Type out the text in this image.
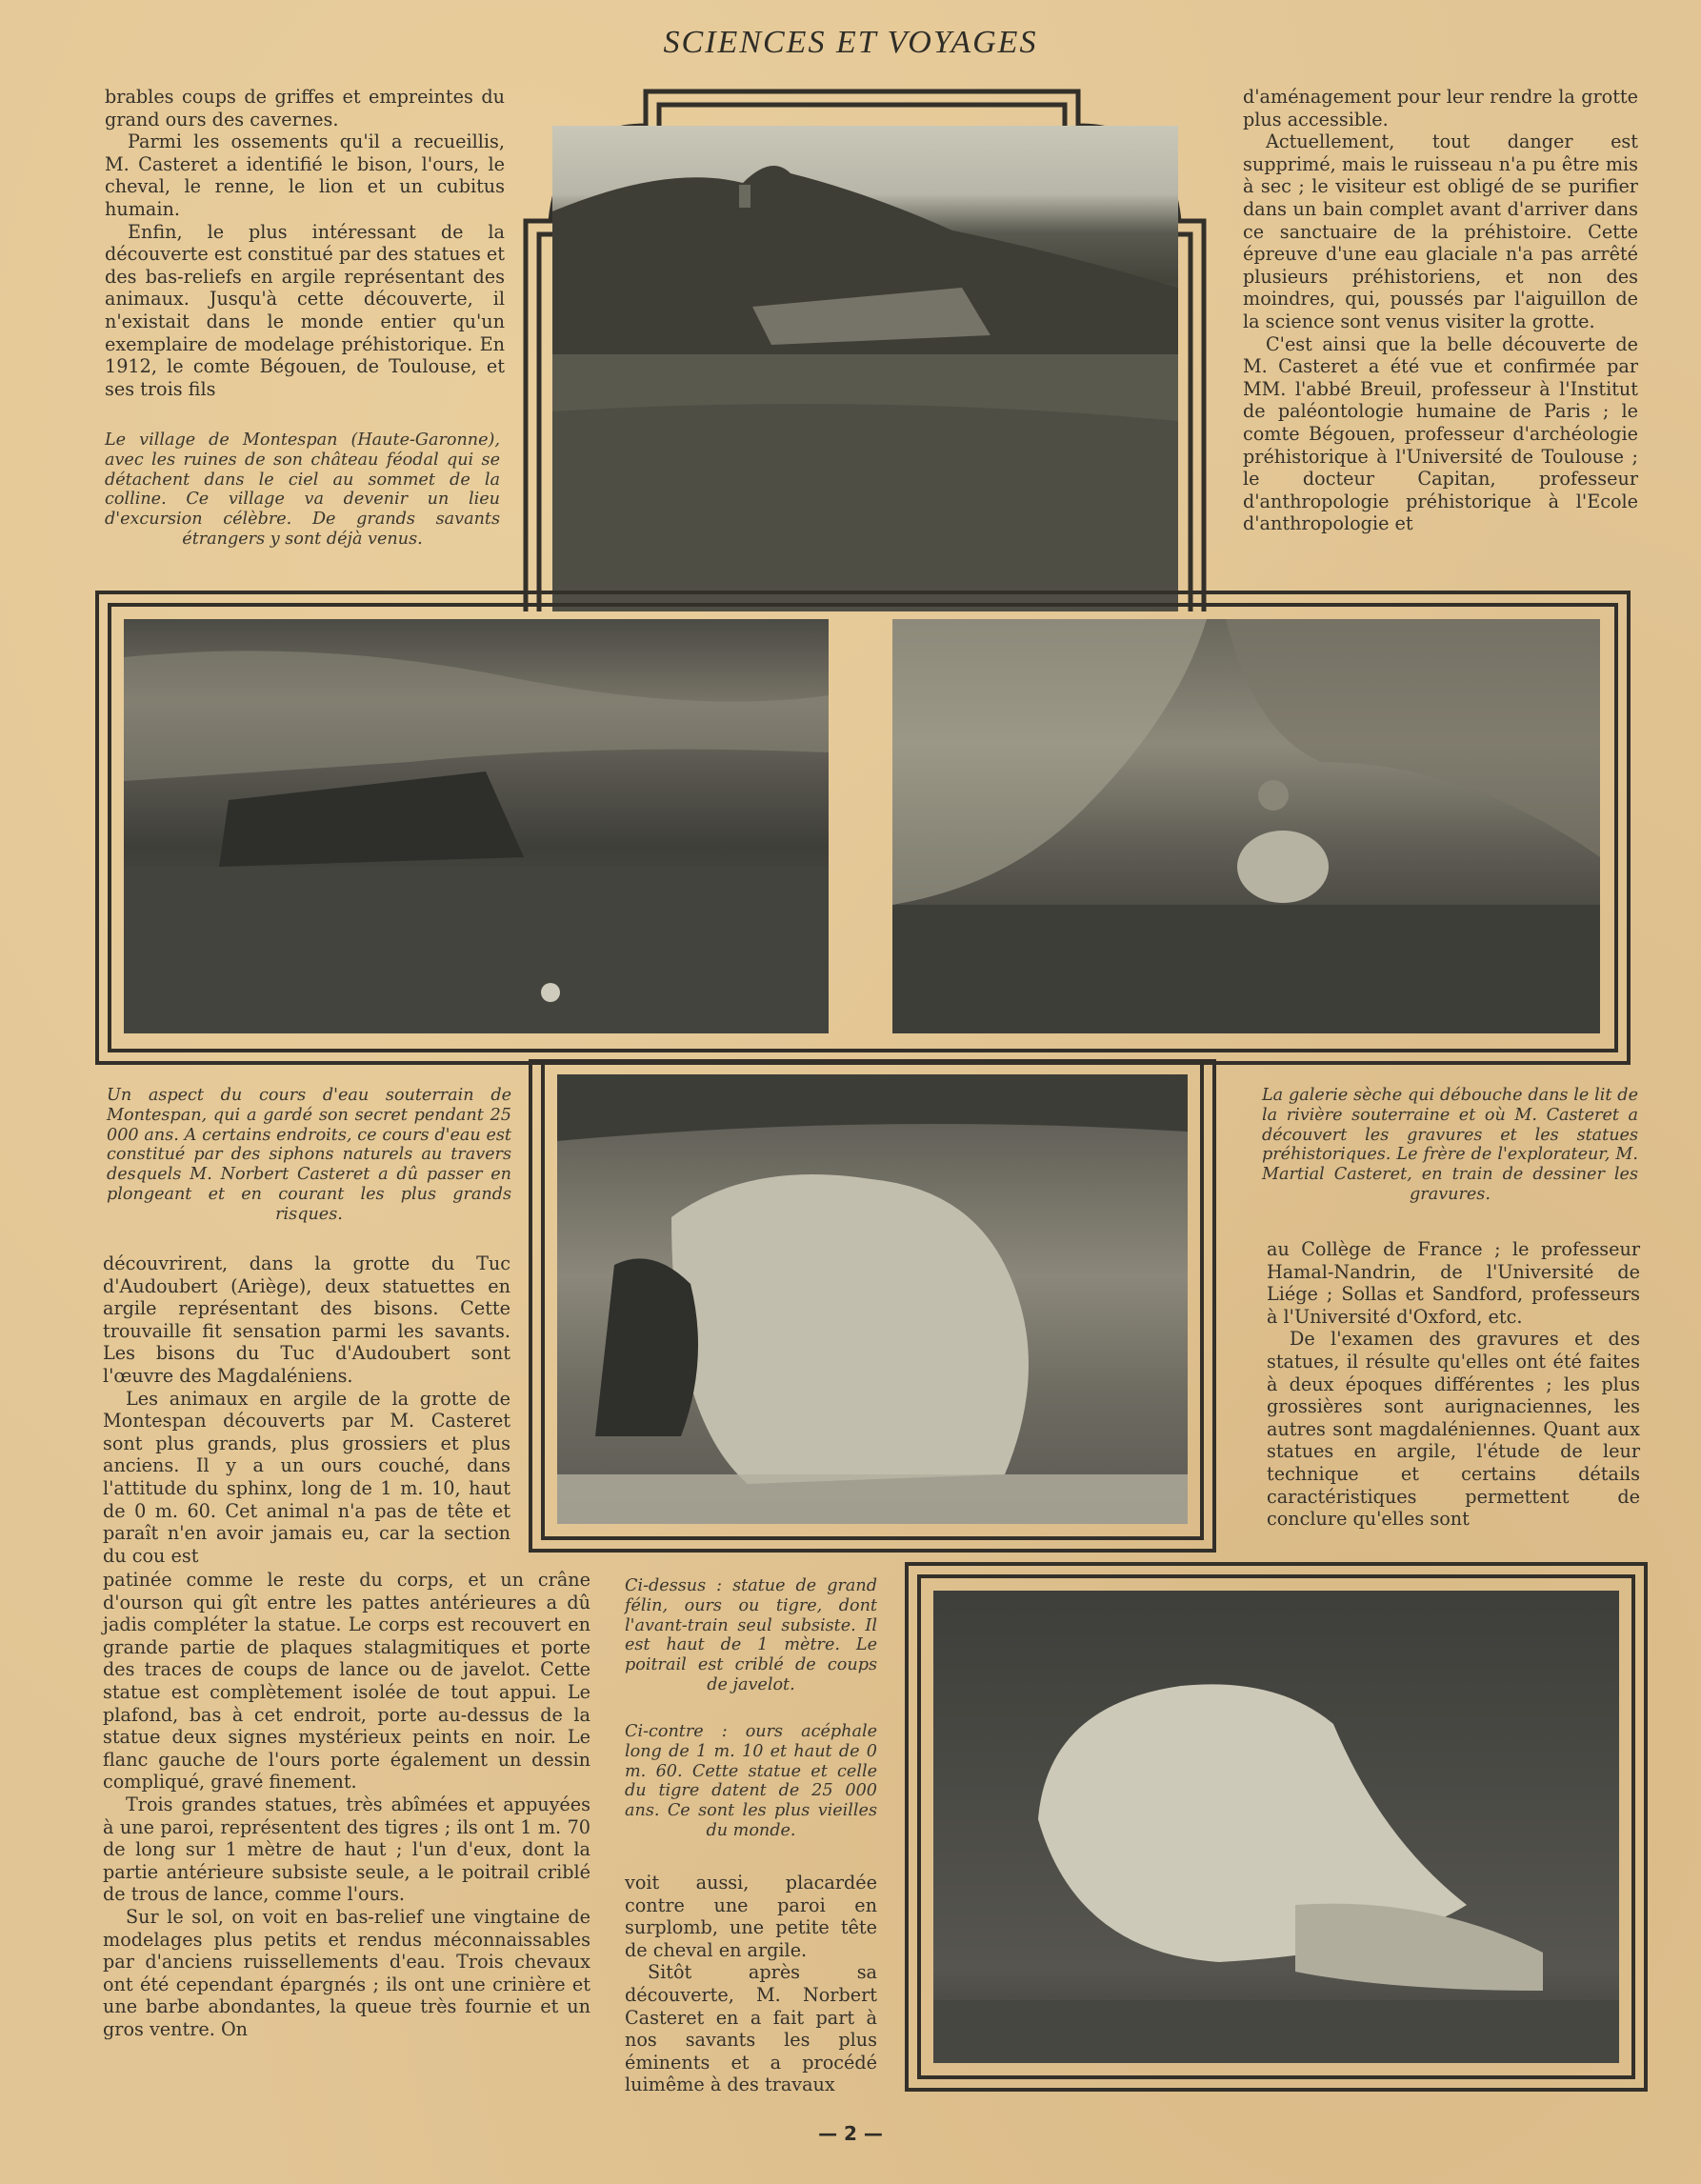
SCIENCES ET VOYAGES

brables coups de griffes et empreintes du grand ours des cavernes.

Parmi les ossements qu'il a recueillis, M. Casteret a identifié le bison, l'ours, le cheval, le renne, le lion et un cubitus humain.

Enfin, le plus intéressant de la découverte est constitué par des statues et des bas-reliefs en argile représentant des animaux. Jusqu'à cette découverte, il n'existait dans le monde entier qu'un exemplaire de modelage préhistorique. En 1912, le comte Bégouen, de Toulouse, et ses trois fils

Le village de Montespan (Haute-Garonne), avec les ruines de son château féodal qui se détachent dans le ciel au sommet de la colline. Ce village va devenir un lieu d'excursion célèbre. De grands savants étrangers y sont déjà venus.

d'aménagement pour leur rendre la grotte plus accessible.

Actuellement, tout danger est supprimé, mais le ruisseau n'a pu être mis à sec ; le visiteur est obligé de se purifier dans un bain complet avant d'arriver dans ce sanctuaire de la préhistoire. Cette épreuve d'une eau glaciale n'a pas arrêté plusieurs préhistoriens, et non des moindres, qui, poussés par l'aiguillon de la science sont venus visiter la grotte.

C'est ainsi que la belle découverte de M. Casteret a été vue et confirmée par MM. l'abbé Breuil, professeur à l'Institut de paléontologie humaine de Paris ; le comte Bégouen, professeur d'archéologie préhistorique à l'Université de Toulouse ; le docteur Capitan, professeur d'anthropologie préhistorique à l'Ecole d'anthropologie et

Un aspect du cours d'eau souterrain de Montespan, qui a gardé son secret pendant 25 000 ans. A certains endroits, ce cours d'eau est constitué par des siphons naturels au travers desquels M. Norbert Casteret a dû passer en plongeant et en courant les plus grands risques.

La galerie sèche qui débouche dans le lit de la rivière souterraine et où M. Casteret a découvert les gravures et les statues préhistoriques. Le frère de l'explorateur, M. Martial Casteret, en train de dessiner les gravures.

découvrirent, dans la grotte du Tuc d'Audoubert (Ariège), deux statuettes en argile représentant des bisons. Cette trouvaille fit sensation parmi les savants. Les bisons du Tuc d'Audoubert sont l'œuvre des Magdaléniens.

Les animaux en argile de la grotte de Montespan découverts par M. Casteret sont plus grands, plus grossiers et plus anciens. Il y a un ours couché, dans l'attitude du sphinx, long de 1 m. 10, haut de 0 m. 60. Cet animal n'a pas de tête et paraît n'en avoir jamais eu, car la section du cou est

patinée comme le reste du corps, et un crâne d'ourson qui gît entre les pattes antérieures a dû jadis compléter la statue. Le corps est recouvert en grande partie de plaques stalagmitiques et porte des traces de coups de lance ou de javelot. Cette statue est complètement isolée de tout appui. Le plafond, bas à cet endroit, porte au-dessus de la statue deux signes mystérieux peints en noir. Le flanc gauche de l'ours porte également un dessin compliqué, gravé finement.

Trois grandes statues, très abîmées et appuyées à une paroi, représentent des tigres ; ils ont 1 m. 70 de long sur 1 mètre de haut ; l'un d'eux, dont la partie antérieure subsiste seule, a le poitrail criblé de trous de lance, comme l'ours.

Sur le sol, on voit en bas-relief une vingtaine de modelages plus petits et rendus méconnaissables par d'anciens ruissellements d'eau. Trois chevaux ont été cependant épargnés ; ils ont une crinière et une barbe abondantes, la queue très fournie et un gros ventre. On

Ci-dessus : statue de grand félin, ours ou tigre, dont l'avant-train seul subsiste. Il est haut de 1 mètre. Le poitrail est criblé de coups de javelot.

Ci-contre : ours acéphale long de 1 m. 10 et haut de 0 m. 60. Cette statue et celle du tigre datent de 25 000 ans. Ce sont les plus vieilles du monde.

voit aussi, placardée contre une paroi en surplomb, une petite tête de cheval en argile.

Sitôt après sa découverte, M. Norbert Casteret en a fait part à nos savants les plus éminents et a procédé luimême à des travaux

au Collège de France ; le professeur Hamal-Nandrin, de l'Université de Liége ; Sollas et Sandford, professeurs à l'Université d'Oxford, etc.

De l'examen des gravures et des statues, il résulte qu'elles ont été faites à deux époques différentes ; les plus grossières sont aurignaciennes, les autres sont magdaléniennes. Quant aux statues en argile, l'étude de leur technique et certains détails caractéristiques permettent de conclure qu'elles sont

— 2 —
